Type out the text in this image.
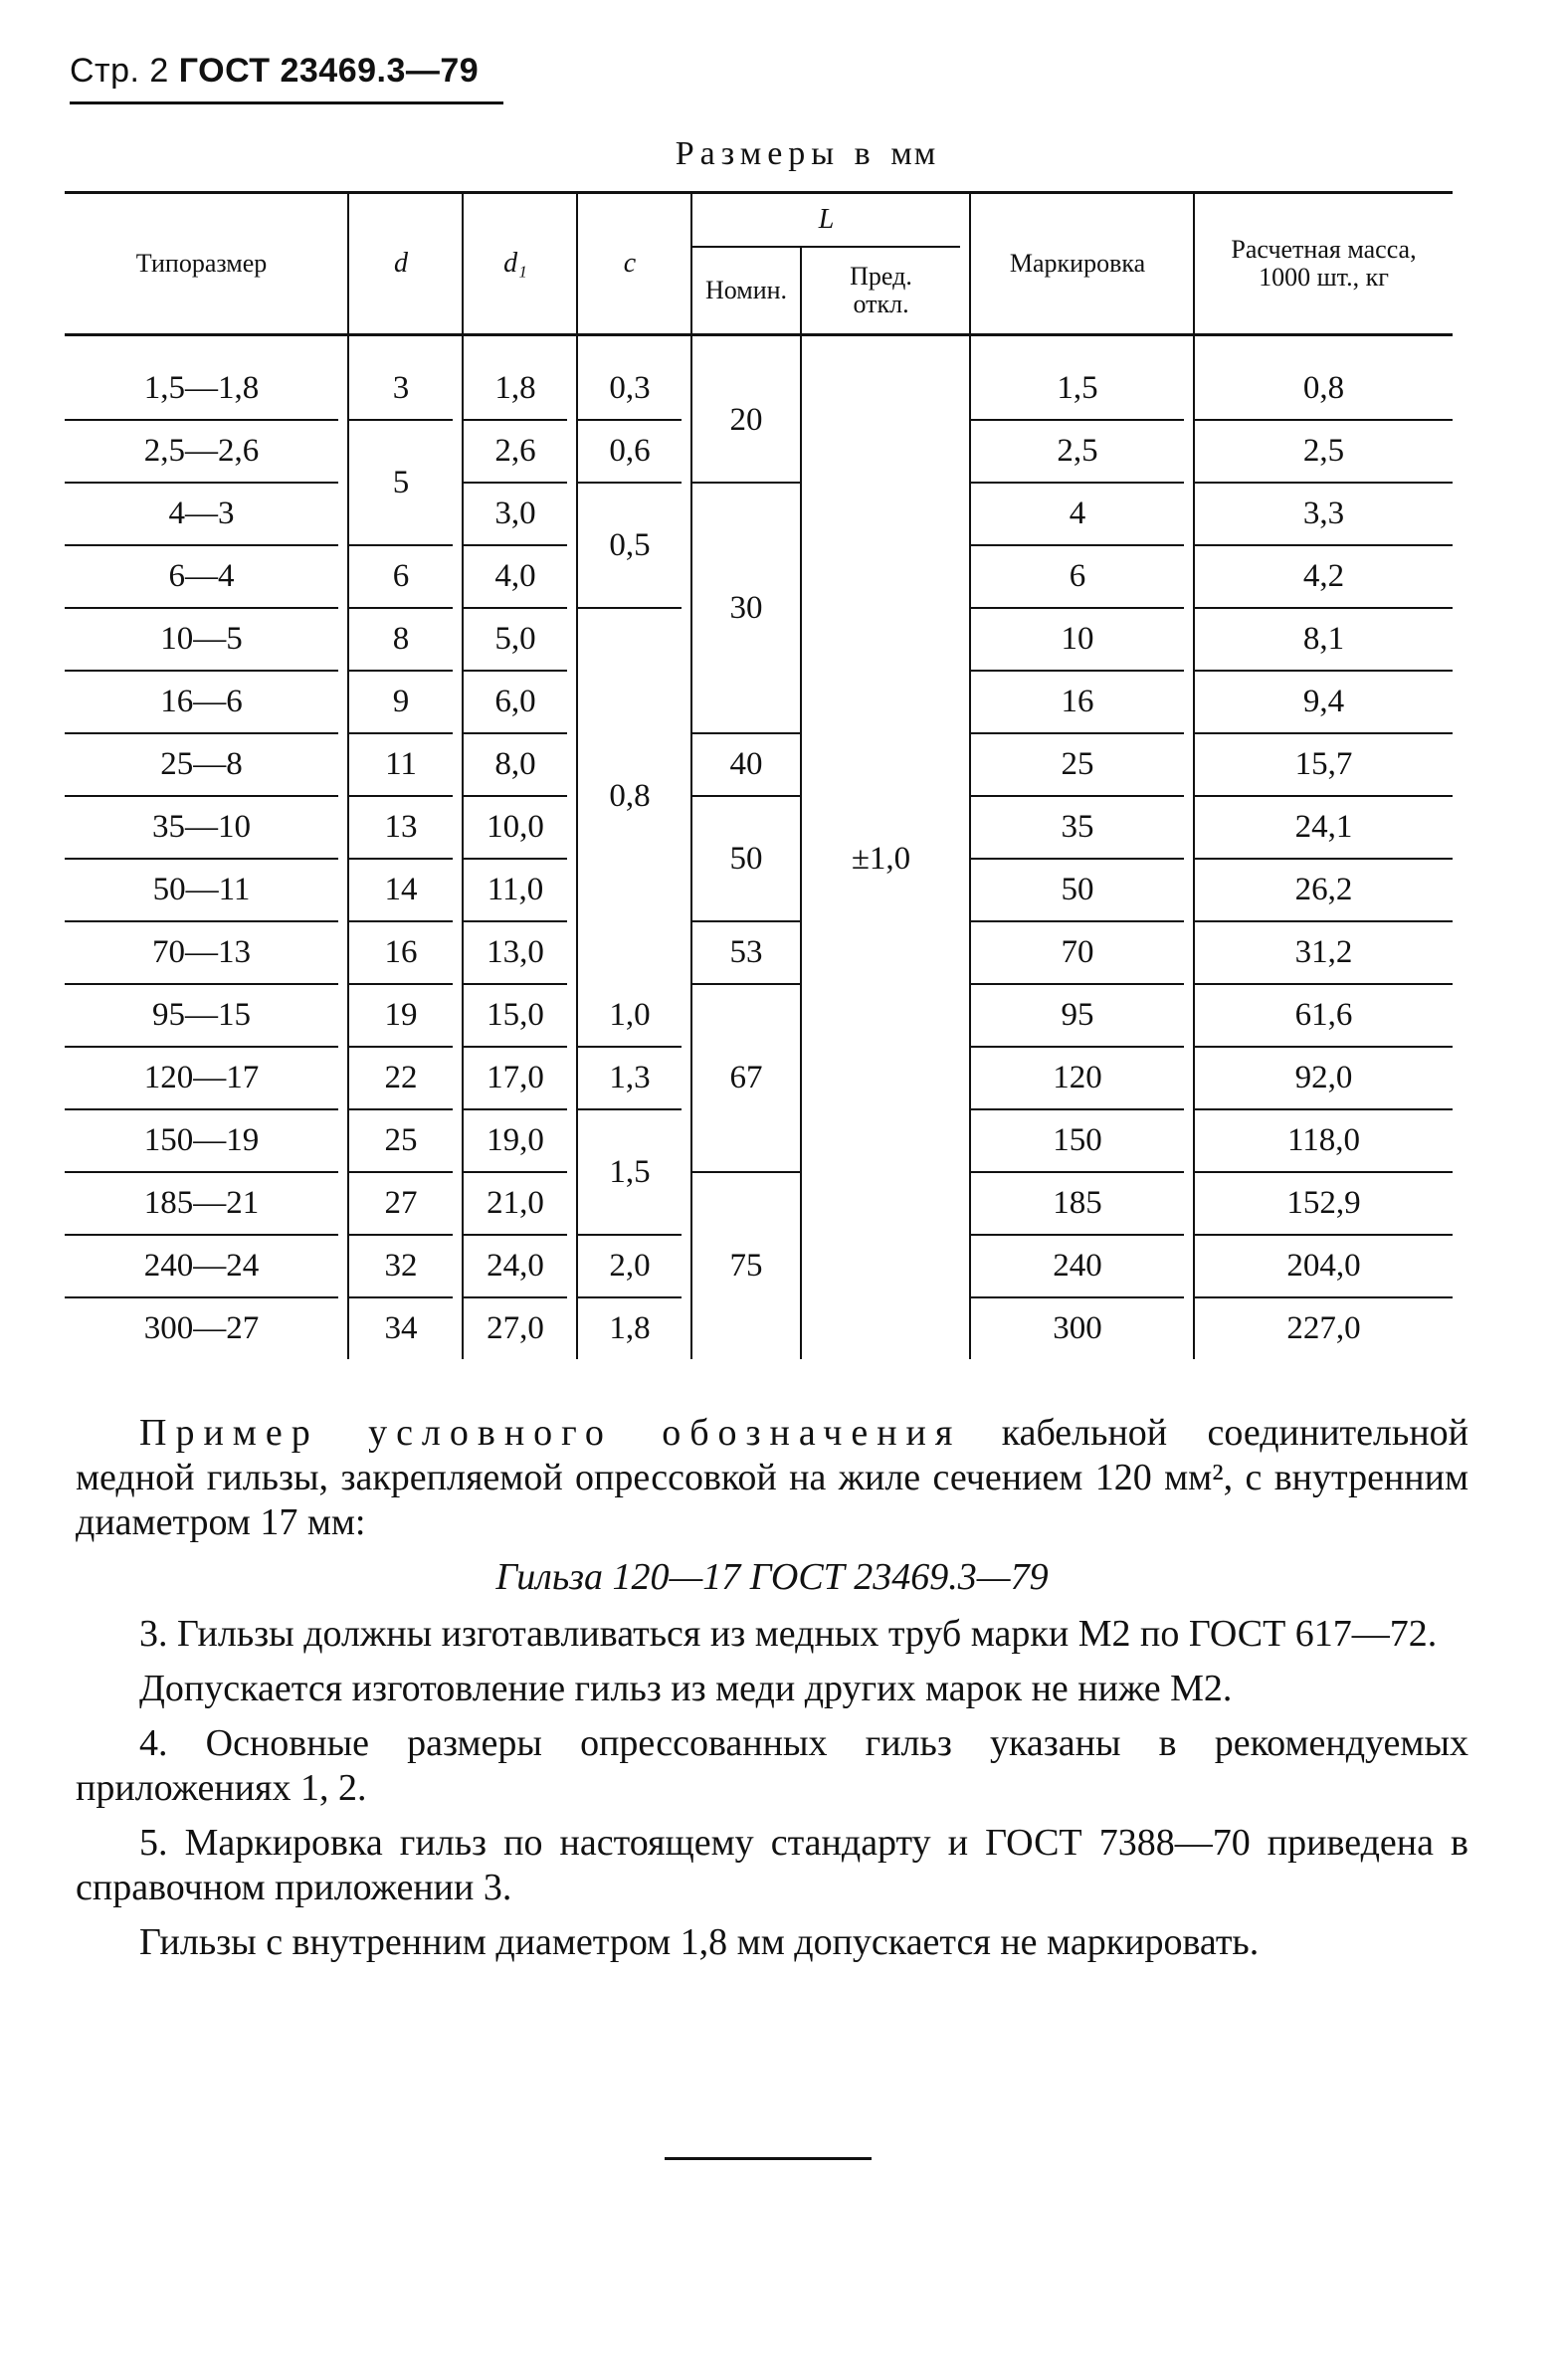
Стр. 2 ГОСТ 23469.3—79
Размеры в мм
Типоразмер		d		d₁		c		L			Маркировка		Расчетная масса,
1000 шт., кг

								Номин.	Пред.
откл.				

1,5—1,8		3		1,8		0,3		20	±1,0		1,5		0,8
2,5—2,6		5		2,6		0,6					2,5		2,5
4—3				3,0		0,5		30			4		3,3
6—4		6		4,0							6		4,2
10—5		8		5,0		0,8					10		8,1
16—6		9		6,0							16		9,4
25—8		11		8,0				40			25		15,7
35—10		13		10,0				50			35		24,1
50—11		14		11,0							50		26,2
70—13		16		13,0				53			70		31,2
95—15		19		15,0		1,0		67			95		61,6
120—17		22		17,0		1,3					120		92,0
150—19		25		19,0		1,5					150		118,0
185—21		27		21,0				75			185		152,9
240—24		32		24,0		2,0					240		204,0
300—27		34		27,0		1,8					300		227,0

Пример условного обозначения кабельной соединительной медной гильзы, закрепляемой опрессовкой на жиле сечением 120 мм², с внутренним диаметром 17 мм:

Гильза 120—17 ГОСТ 23469.3—79

3. Гильзы должны изготавливаться из медных труб марки М2 по ГОСТ 617—72.

Допускается изготовление гильз из меди других марок не ниже М2.

4. Основные размеры опрессованных гильз указаны в рекомендуемых приложениях 1, 2.

5. Маркировка гильз по настоящему стандарту и ГОСТ 7388—70 приведена в справочном приложении 3.

Гильзы с внутренним диаметром 1,8 мм допускается не маркировать.
